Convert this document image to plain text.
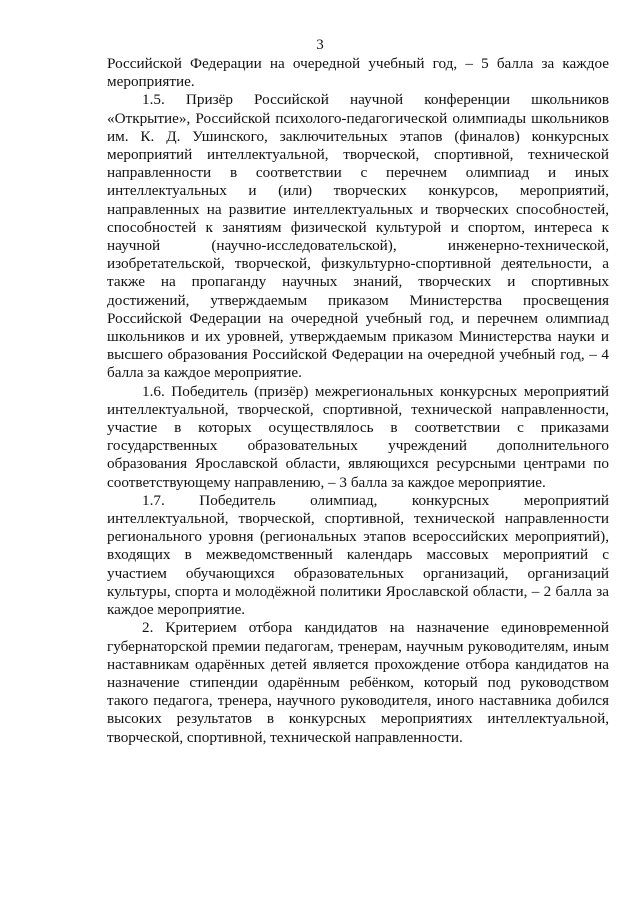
3

Российской Федерации на очередной учебный год, – 5 балла за каждое мероприятие.

1.5. Призёр Российской научной конференции школьников «Открытие», Российской психолого-педагогической олимпиады школьников им. К. Д. Ушинского, заключительных этапов (финалов) конкурсных мероприятий интеллектуальной, творческой, спортивной, технической направленности в соответствии с перечнем олимпиад и иных интеллектуальных и (или) творческих конкурсов, мероприятий, направленных на развитие интеллектуальных и творческих способностей, способностей к занятиям физической культурой и спортом, интереса к научной (научно-исследовательской), инженерно-технической, изобретательской, творческой, физкультурно-спортивной деятельности, а также на пропаганду научных знаний, творческих и спортивных достижений, утверждаемым приказом Министерства просвещения Российской Федерации на очередной учебный год, и перечнем олимпиад школьников и их уровней, утверждаемым приказом Министерства науки и высшего образования Российской Федерации на очередной учебный год, – 4 балла за каждое мероприятие.

1.6. Победитель (призёр) межрегиональных конкурсных мероприятий интеллектуальной, творческой, спортивной, технической направленности, участие в которых осуществлялось в соответствии с приказами государственных образовательных учреждений дополнительного образования Ярославской области, являющихся ресурсными центрами по соответствующему направлению, – 3 балла за каждое мероприятие.

1.7. Победитель олимпиад, конкурсных мероприятий интеллектуальной, творческой, спортивной, технической направленности регионального уровня (региональных этапов всероссийских мероприятий), входящих в межведомственный календарь массовых мероприятий с участием обучающихся образовательных организаций, организаций культуры, спорта и молодёжной политики Ярославской области, – 2 балла за каждое мероприятие.

2. Критерием отбора кандидатов на назначение единовременной губернаторской премии педагогам, тренерам, научным руководителям, иным наставникам одарённых детей является прохождение отбора кандидатов на назначение стипендии одарённым ребёнком, который под руководством такого педагога, тренера, научного руководителя, иного наставника добился высоких результатов в конкурсных мероприятиях интеллектуальной, творческой, спортивной, технической направленности.
